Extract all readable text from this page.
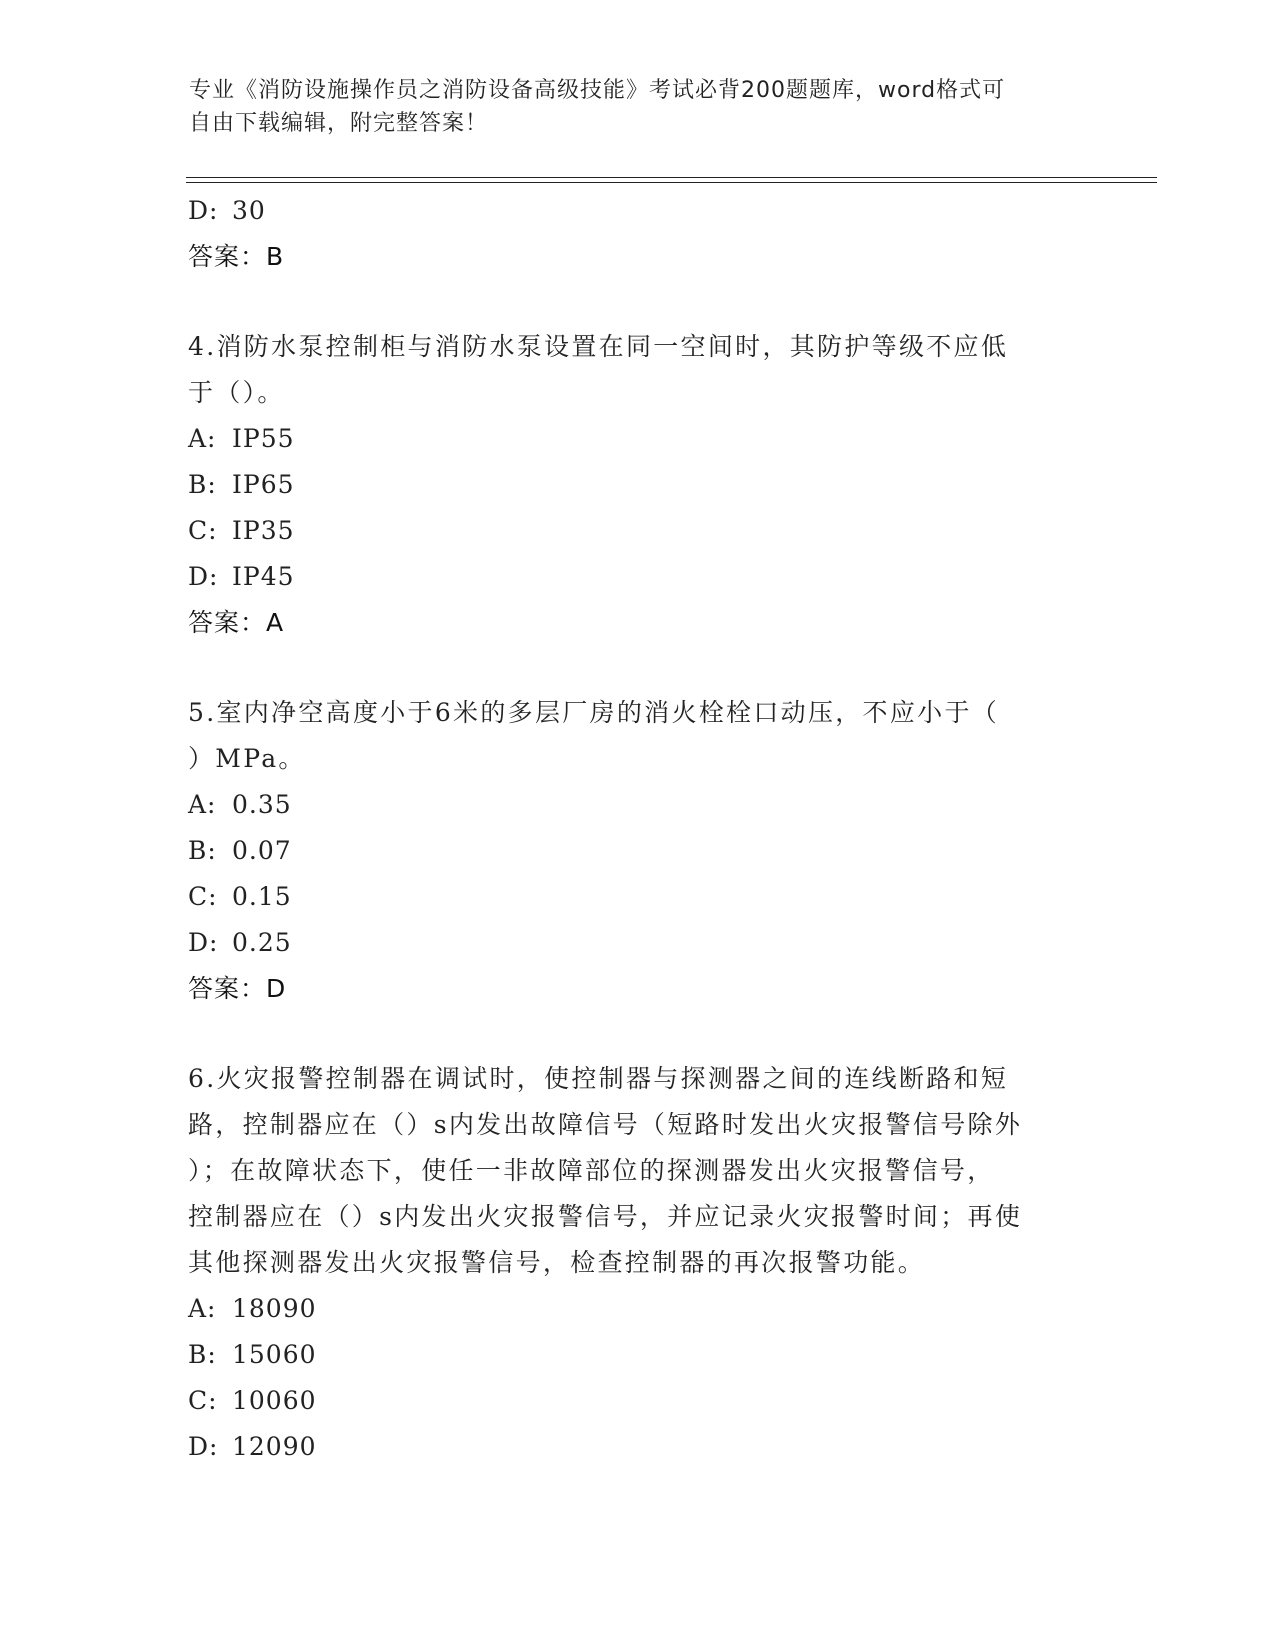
专业《消防设施操作员之消防设备高级技能》考试必背200题题库，word格式可
自由下载编辑，附完整答案！
D: 30
答案：B
4.消防水泵控制柜与消防水泵设置在同一空间时，其防护等级不应低
于（）。
A: IP55
B: IP65
C: IP35
D: IP45
答案：A
5.室内净空高度小于6米的多层厂房的消火栓栓口动压，不应小于（
）MPa。
A: 0.35
B: 0.07
C: 0.15
D: 0.25
答案：D
6.火灾报警控制器在调试时，使控制器与探测器之间的连线断路和短
路，控制器应在（）s内发出故障信号（短路时发出火灾报警信号除外
）；在故障状态下，使任一非故障部位的探测器发出火灾报警信号，
控制器应在（）s内发出火灾报警信号，并应记录火灾报警时间；再使
其他探测器发出火灾报警信号，检查控制器的再次报警功能。
A: 18090
B: 15060
C: 10060
D: 12090
